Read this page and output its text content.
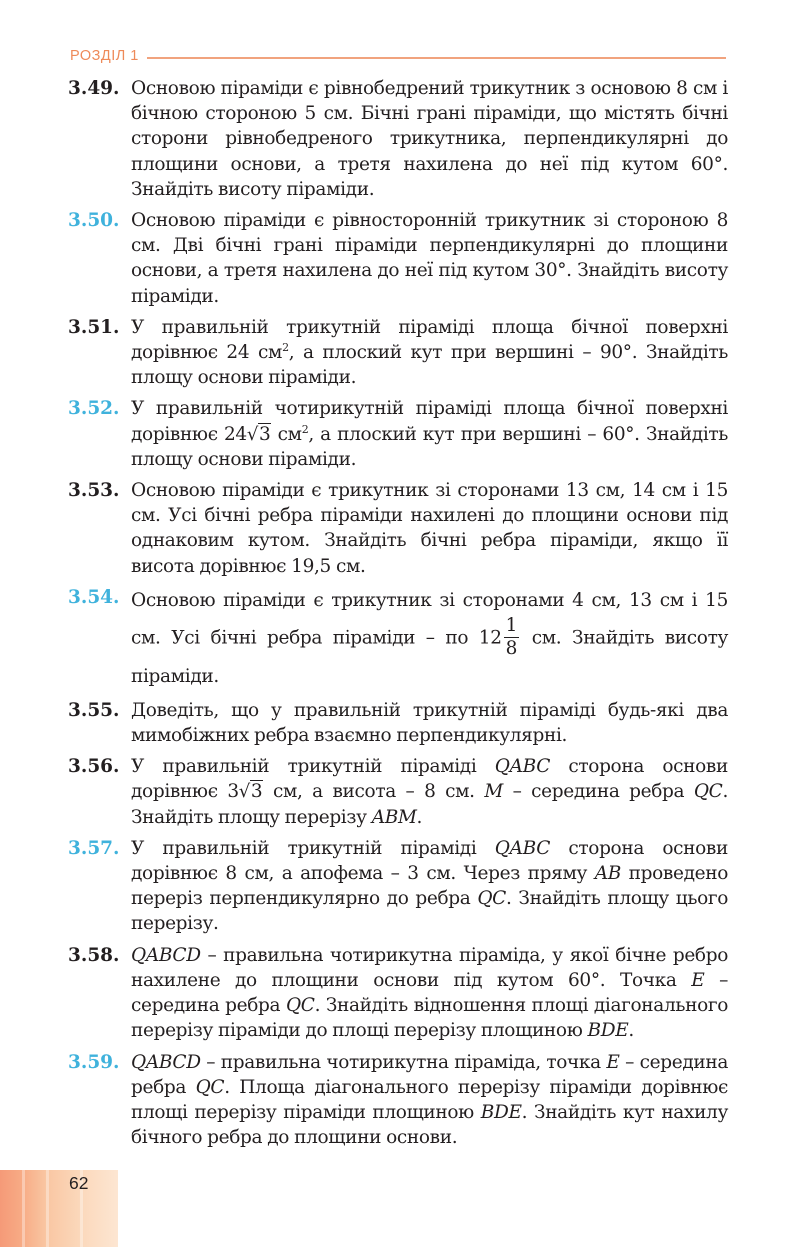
РОЗДІЛ 1
3.49. Основою піраміди є рівнобедрений трикутник з основою 8 см і бічною стороною 5 см. Бічні грані піраміди, що містять бічні сторони рівнобедреного трикутника, перпендикулярні до площини основи, а третя нахилена до неї під кутом 60°. Знайдіть висоту піраміди.
3.50. Основою піраміди є рівносторонній трикутник зі стороною 8 см. Дві бічні грані піраміди перпендикулярні до площини основи, а третя нахилена до неї під кутом 30°. Знайдіть висоту піраміди.
3.51. У правильній трикутній піраміді площа бічної поверхні дорівнює 24 $см^2$, а плоский кут при вершині – 90°. Знайдіть площу основи піраміди.
3.52. У правильній чотирикутній піраміді площа бічної поверхні дорівнює 24√3 $см^2$, а плоский кут при вершині – 60°. Знайдіть площу основи піраміди.
3.53. Основою піраміди є трикутник зі сторонами 13 см, 14 см і 15 см. Усі бічні ребра піраміди нахилені до площини основи під однаковим кутом. Знайдіть бічні ребра піраміди, якщо її висота дорівнює 19,5 см.
3.54. Основою піраміди є трикутник зі сторонами 4 см, 13 см і 15 см. Усі бічні ребра піраміди – по $12 \frac{1}{8}$ см. Знайдіть висоту піраміди.
3.55. Доведіть, що у правильній трикутній піраміді будь-які два мимобіжних ребра взаємно перпендикулярні.
3.56. У правильній трикутній піраміді QABC сторона основи дорівнює 3√3 см, а висота – 8 см. M – середина ребра QC. Знайдіть площу перерізу ABM.
3.57. У правильній трикутній піраміді QABC сторона основи дорівнює 8 см, а апофема – 3 см. Через пряму AB проведено переріз перпендикулярно до ребра QC. Знайдіть площу цього перерізу.
3.58. QABCD – правильна чотирикутна піраміда, у якої бічне ребро нахилене до площини основи під кутом 60°. Точка E – середина ребра QC. Знайдіть відношення площі діагонального перерізу піраміди до площі перерізу площиною BDE.
3.59. QABCD – правильна чотирикутна піраміда, точка E – середина ребра QC. Площа діагонального перерізу піраміди дорівнює площі перерізу піраміди площиною BDE. Знайдіть кут нахилу бічного ребра до площини основи.
62
